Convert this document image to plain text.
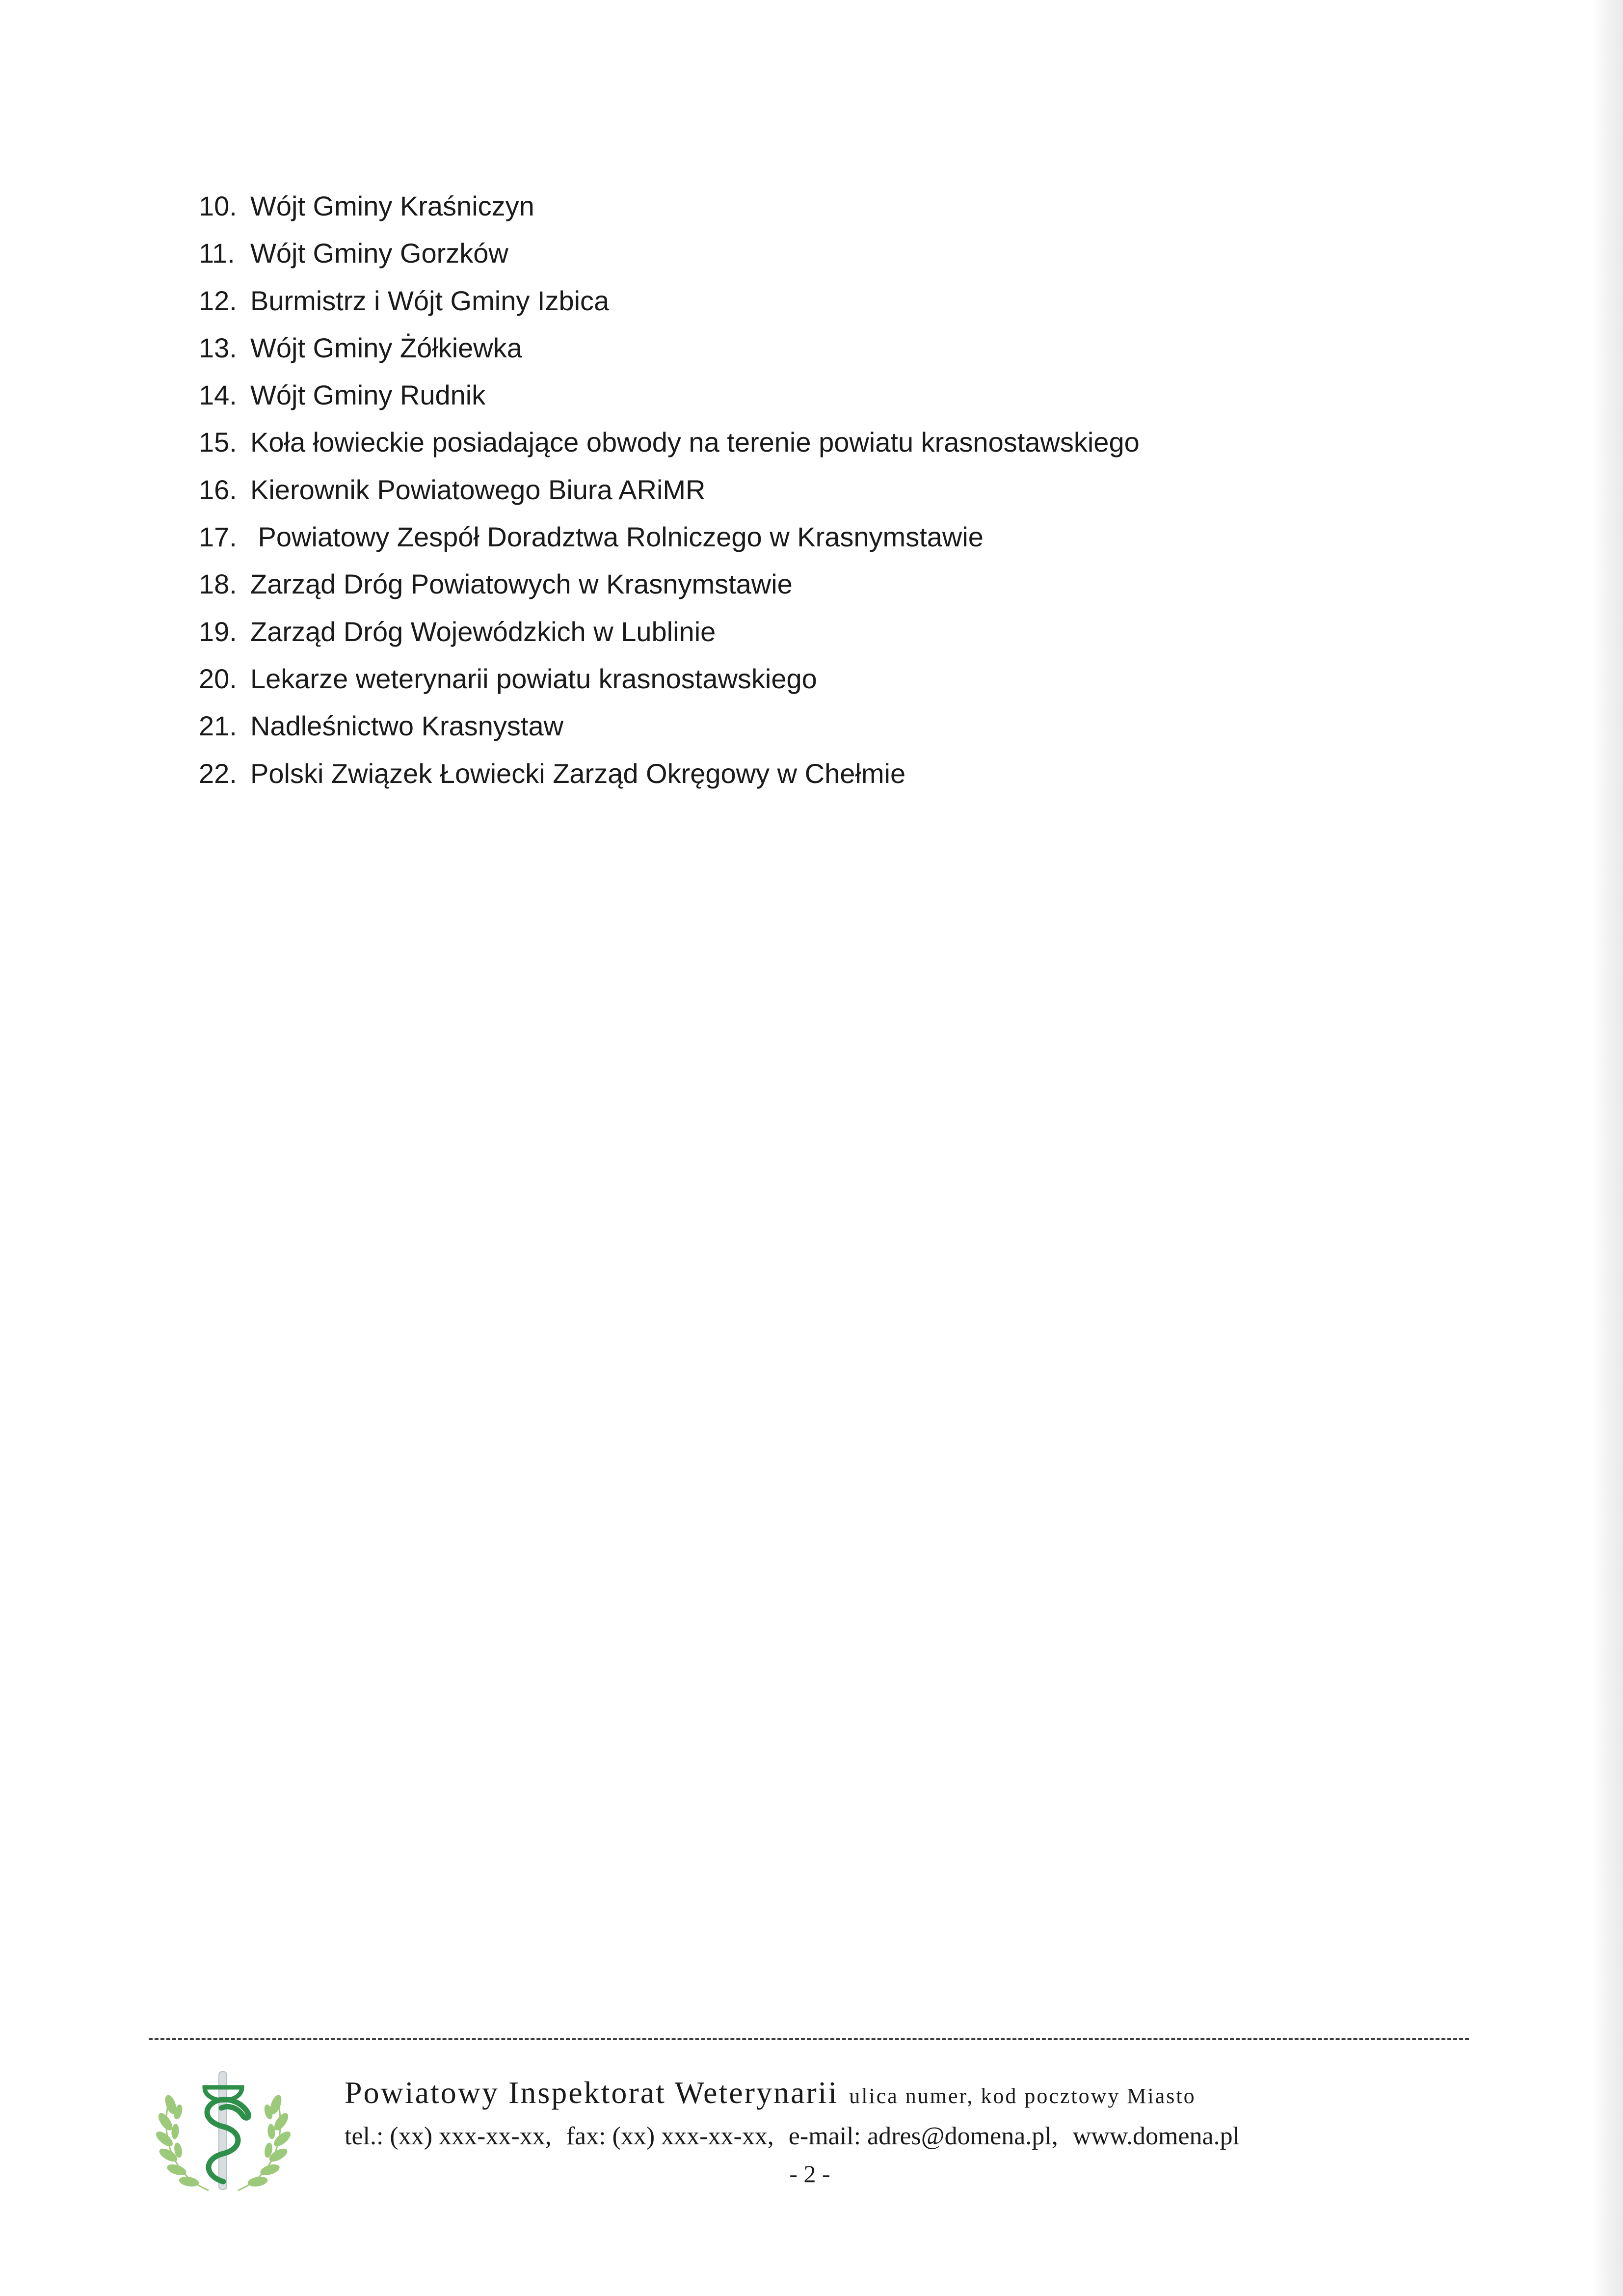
10. Wójt Gminy Kraśniczyn
11. Wójt Gminy Gorzków
12. Burmistrz i Wójt Gminy Izbica
13. Wójt Gminy Żółkiewka
14. Wójt Gminy Rudnik
15. Koła łowieckie posiadające obwody na terenie powiatu krasnostawskiego
16. Kierownik Powiatowego Biura ARiMR
17. Powiatowy Zespół Doradztwa Rolniczego w Krasnymstawie
18. Zarząd Dróg Powiatowych w Krasnymstawie
19. Zarząd Dróg Wojewódzkich w Lublinie
20. Lekarze weterynarii powiatu krasnostawskiego
21. Nadleśnictwo Krasnystaw
22. Polski Związek Łowiecki Zarząd Okręgowy w Chełmie
Powiatowy Inspektorat Weterynarii ulica numer, kod pocztowy Miasto
tel.: (xx) xxx-xx-xx, fax: (xx) xxx-xx-xx, e-mail: adres@domena.pl, www.domena.pl
- 2 -
